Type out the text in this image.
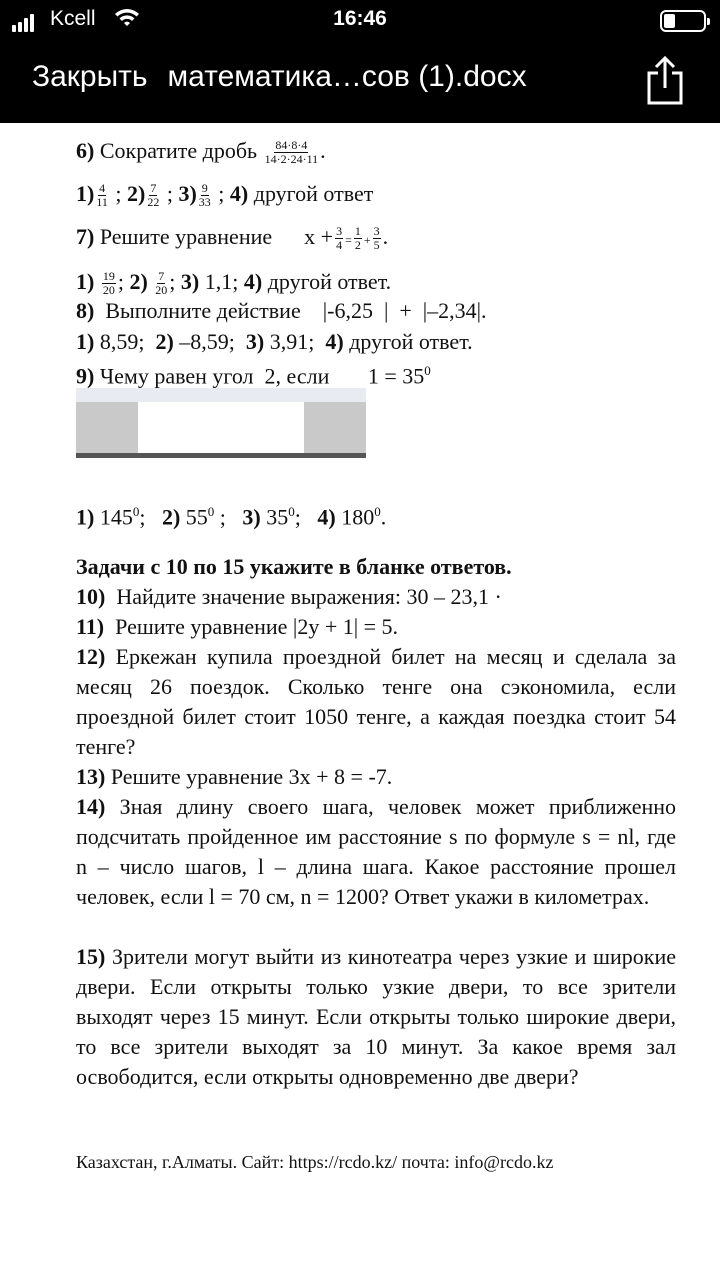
Kcell	16:46
Закрыть математика…сов (1).docx
6) Сократите дробь $\frac{84\cdot 8\cdot 4}{14\cdot 2\cdot 24\cdot 11}$ .
$1) \frac{4}{11}$ ; $2) \frac{7}{22}$ ; $3) \frac{9}{33}$ ; 4) другой ответ
7) Решите уравнение $x + \frac{3}{4} = \frac{1}{2} + \frac{3}{5}$ .
$1) \frac{19}{20}$ ; $2) \frac{7}{20}$ ; 3) 1,1; 4) другой ответ.
8)  Выполните действие    |-6,25  |  +  |–2,34|.
1) 8,59;  2) –8,59;  3) 3,91;  4) другой ответ.
9) Чему равен угол  2, если       $1 = 35^0$
1) $145^0$;   2) $55^0$ ;   3) $35^0$;   4) $180^0$.
Задачи с 10 по 15 укажите в бланке ответов.
10)  Найдите значение выражения: 30 – 23,1 ·
11)  Решите уравнение |2y + 1| = 5.
12) Еркежан купила проездной билет на месяц и сделала за месяц 26 поездок. Сколько тенге она сэкономила, если проездной билет стоит 1050 тенге, а каждая поездка стоит 54 тенге?
13) Решите уравнение 3x + 8 = -7.
14) Зная длину своего шага, человек может приближенно подсчитать пройденное им расстояние s по формуле s = nl, где n – число шагов, l – длина шага. Какое расстояние прошел человек, если l = 70 см, n = 1200? Ответ укажи в километрах.
15) Зрители могут выйти из кинотеатра через узкие и широкие двери. Если открыты только узкие двери, то все зрители выходят через 15 минут. Если открыты только широкие двери, то все зрители выходят за 10 минут. За какое время зал освободится, если открыты одновременно две двери?
Казахстан, г.Алматы. Сайт: https://rcdo.kz/ почта: info@rcdo.kz
